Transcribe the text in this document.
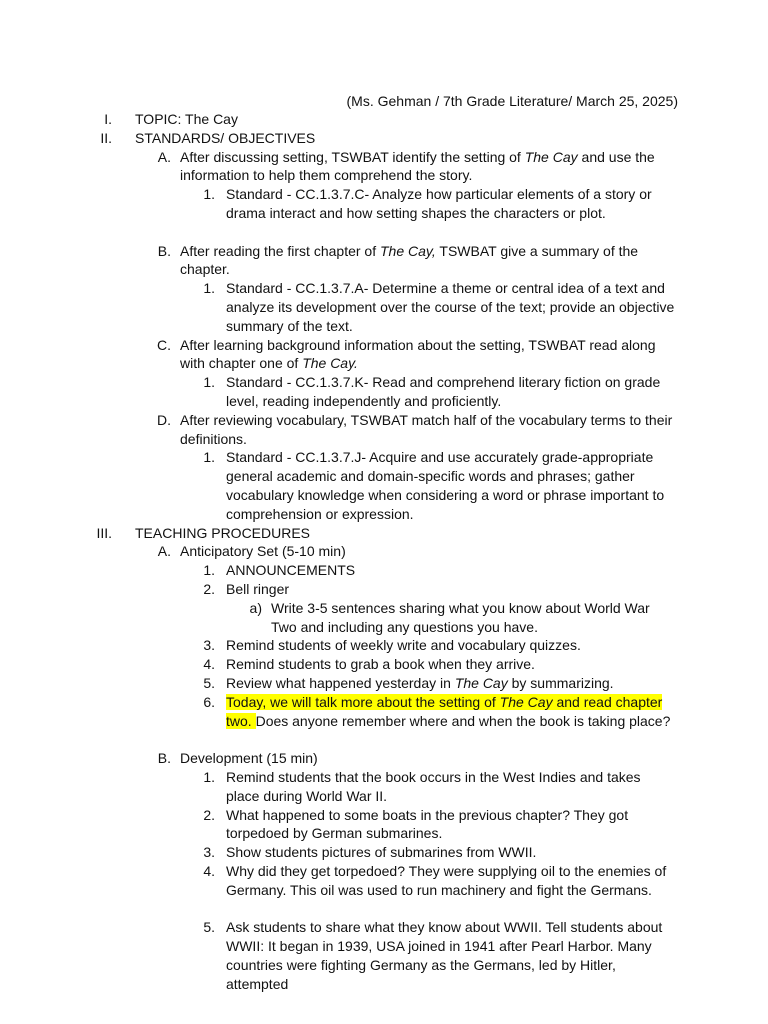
(Ms. Gehman / 7th Grade Literature/ March 25, 2025)
I. TOPIC: The Cay
II. STANDARDS/ OBJECTIVES
A. After discussing setting, TSWBAT identify the setting of The Cay and use the information to help them comprehend the story.
1. Standard - CC.1.3.7.C- Analyze how particular elements of a story or drama interact and how setting shapes the characters or plot.
B. After reading the first chapter of The Cay, TSWBAT give a summary of the chapter.
1. Standard - CC.1.3.7.A- Determine a theme or central idea of a text and analyze its development over the course of the text; provide an objective summary of the text.
C. After learning background information about the setting, TSWBAT read along with chapter one of The Cay.
1. Standard - CC.1.3.7.K- Read and comprehend literary fiction on grade level, reading independently and proficiently.
D. After reviewing vocabulary, TSWBAT match half of the vocabulary terms to their definitions.
1. Standard - CC.1.3.7.J- Acquire and use accurately grade-appropriate general academic and domain-specific words and phrases; gather vocabulary knowledge when considering a word or phrase important to comprehension or expression.
III. TEACHING PROCEDURES
A. Anticipatory Set (5-10 min)
1. ANNOUNCEMENTS
2. Bell ringer
a) Write 3-5 sentences sharing what you know about World War Two and including any questions you have.
3. Remind students of weekly write and vocabulary quizzes.
4. Remind students to grab a book when they arrive.
5. Review what happened yesterday in The Cay by summarizing.
6. Today, we will talk more about the setting of The Cay and read chapter two. Does anyone remember where and when the book is taking place?
B. Development (15 min)
1. Remind students that the book occurs in the West Indies and takes place during World War II.
2. What happened to some boats in the previous chapter? They got torpedoed by German submarines.
3. Show students pictures of submarines from WWII.
4. Why did they get torpedoed? They were supplying oil to the enemies of Germany. This oil was used to run machinery and fight the Germans.
5. Ask students to share what they know about WWII. Tell students about WWII: It began in 1939, USA joined in 1941 after Pearl Harbor. Many countries were fighting Germany as the Germans, led by Hitler, attempted
